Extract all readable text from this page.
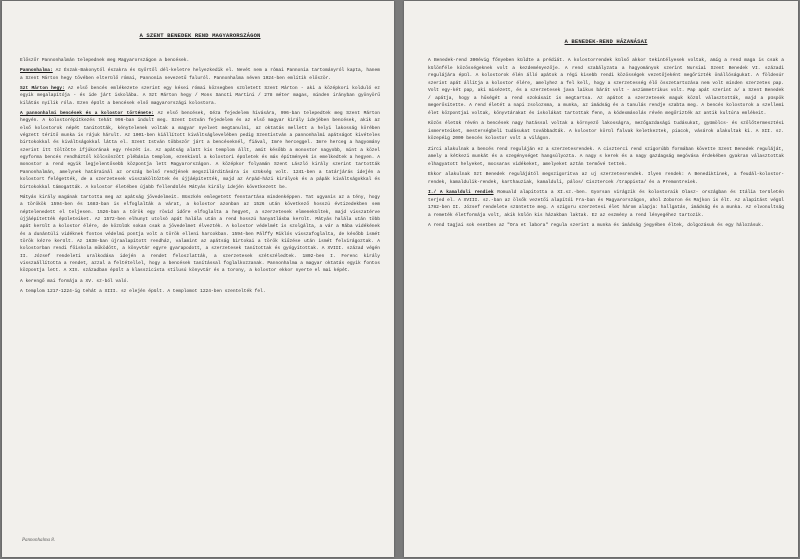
A SZENT BENEDEK REND MAGYARORSZÁGON

Előszőr Pannonhalmán telepednek meg Magyarországon a bencések.

Pannonhalma: Az Észak-Bakonytól északra és Győrtől dél-keletre helyezkedik el. Nevét nem a római Pannonia tartományról kapta, hanem a Szent Márton hegy tövében elterülő római, Pannonia nevezetű faluról. Pannonhalma néven 1924-ben említik először.

Szt Márton hegy: Az első bencés emlékezete szerint egy kései római közsegben született Szent Márton - aki a középkori kolduló ez egyik megalapítója - és ide járt iskolába. A Szt Márton hegy / Mons Sancti Martini / 278 méter magas, minden irányban gyönyörű kilátás nyílik róla. Ezen épült a bencések első magyarországi kolostora.

A pannonhalmi bencések és a kolostor története: Az első bencések, Géza fejedelem hívására, 996-ban telepedtek meg Szent Márton hegyén. A kolostorépítkezés tehát 996-ban indult meg. Szent István fejedelem és az első magyar király idejében bencések, akik az első kolostorok népét tanították, kénytelenek voltak a magyar nyelvet megtanulni, az oktatás mellett a helyi lakosság körében végzett térítő munka is rájuk hárult. Az 1001-ben kiállított kiváltságlevelében pedig Szentistván a pannonhalmi apátságot kivételes birtokokkal és kiváltságokkal látta el. Szent István többször járt a bencéseknél, fiával, Imre herceggel. Imre herceg a hagyomány szerint itt töltötte ifjúkorának egy részét is. Az apátság alatt kis templom állt, amit később a monostor nagyobb, mint a közel egyforma bencés rendháztól kölcsönzött plébánia templom, ezenkívül a kolostori épületek és más építmények is emelkedtek a hegyen. A monostor a rend egyik legjelentősebb központja lett Magyarországon. A középkor folyamán Szent László király szerint tartották Pannonhalmán, amelynek határainál az ország belső rendjének megszilárdítására is szükség volt. 1241-ben a tatárjárás idején a kolostort felégették, de a szerzetesek visszaköltöztek és újjáépítették, majd az Árpád-házi királyok és a pápák kiváltságokkal és birtokokkal támogatták. A kolostor életében újabb fellendülés Mátyás király idején következett be.

Mátyás király magának tartotta meg az apátság jövedelmeit. Büszkén emlegetett fenntartása mindenképpen. Tat ugyanis az a tény, hogy a törökök 1594-ben és 1683-ban is elfoglalták a várat, a kolostor azonban az 1526 után következő hosszú évtizedekben sem néptelenedett el teljesen. 1526-ban a török egy rövid időre elfoglalta a hegyet, a szerzetesek elmenekültek, majd visszatérve újjáépítették épületeiket. Az 1572-ben elhunyt utolsó apát halála után a rend hosszú hanyatlásba került. Mátyás halála után több apát került a kolostor élére, de közülük sokan csak a jövedelmet élvezték. A kolostor védelmét is szolgálta, a vár a Rába vidékének és a dunántúli vidéknek fontos védelmi pontja volt a török elleni harcokban. 1594-ben Pálffy Miklós visszafoglalta, de később ismét török kézre került. Az 1638-ban újraalapított rendház, valamint az apátság birtokai a török kiűzése után ismét felvirágoztak. A kolostorban rendi főiskola működött, a könyvtár egyre gyarapodott, a szerzetesek tanítottak és gyógyítottak. A XVIII. század végén II. József rendeleti uralkodása idején a rendet feloszlatták, a szerzetesek szétszéledtek. 1802-ben I. Ferenc király visszaállította a rendet, azzal a feltétellel, hogy a bencések tanítással foglalkozzanak. Pannonhalma a magyar oktatás egyik fontos központja lett. A XIX. században épült a klasszicista stílusú könyvtár és a torony, a kolostor ekkor nyerte el mai képét.

A kerengő mai formája a XV. sz-ból való.

A templom 1217-1224-ig tehát a XIII. sz elején épült. A templomot 1224-ben szentelték fel.

Pannonhalma 8.
A BENEDEK-REND HÁZANÁSAI

A Benedek-rend 300évig főnyeben küldte a prédiát. A kolostorrendek külső akkor tekintélyesek voltak, amíg a rend maga is csak a különféle közösségeknek volt a kezdeményezője. A rend szabályzata a hagyományok szerint Nursiai Szent Benedek VI. századi regulájára épül. A kolostorok élén álló apátok a régi kisebb rendi közösségek vezetőjeként megőrizték önállóságukat. A földesúr szerint apát állítja a kolostor élére, amelyhez a fel kell, hogy a szerzetesség élő összetartozása nem volt minden szerzetes pap. Volt egy-két pap, aki misézett, és a szerzetesek java laikus bárát volt - aszimmetrikus volt. Pap apát szerint a/ a Szent Benedek / apátja, hogy a hűségét a rend szokásait is megtartsa. Az apátot a szerzetesek maguk közül választották, majd a püspök megerősítette. A rend életét a napi zsolozsma, a munka, az imádság és a tanulás rendje szabta meg. A bencés kolostorok a szellemi élet központjai voltak, könyvtárakat és iskolákat tartottak fenn, a kódexmásolás révén megőrizték az antik kultúra emlékeit.

Közös életük révén a bencések nagy hatással voltak a környező lakosságra, mezőgazdasági tudásukat, gyümölcs- és szőlőtermesztési ismereteiket, mesterségbeli tudásukat továbbadták. A kolostor körül falvak keletkeztek, piacok, vásárok alakultak ki. A XII. sz. közepéig 2000 bencés kolostor volt a világon.

Zirci alakulnak a bencés rend reguláján ez a szerzetesrendek. A ciszterci rend szigorúbb formában követte Szent Benedek reguláját, amely a kétkezi munkát és a szegénységet hangsúlyozta. A nagy s kerek és a nagy gazdagság megóvása érdekében gyakran választottak elhagyatott helyeket, mocsaras vidékeket, amelyeket aztán termővé tettek.

Ekkor alakulnak Szt Benedek regulájától megszigorítva az uj szerzetesrendek. Ilyen rendek: A Benediktinek, a feudál-kolostor-rendek, kamaldulik-rendek, karthauziak, kamalduli, pálos/ Cisztercek /trappista/ és a Premontreiek.

I./ A kamalduli rendiek Romuald alapította a XI.sz.-ben. Gyorsan virágzik és kolostoraik Olasz- országban és Itália területén terjed el. A XVIII. sz.-ban az ölsők vezetői alapítói Fra-ban és Magyarországon, ahol Zoboron és Majkon is élt. Az alapítást végül 1782-ben II. József rendelete szüntette meg. A szigoru szerzetesi élet három alapja: hallgatás, imádság és a munka. Az elvonultság a remeték életformája volt, akik külön kis házakban laktak. Ez az eszmény a rend lényegéhez tartozik.

A rend tagjai sok esetben az "Ora et labora" regula szerint a munka és imádság jegyében éltek, dolgozásuk és egy hálozásuk.
